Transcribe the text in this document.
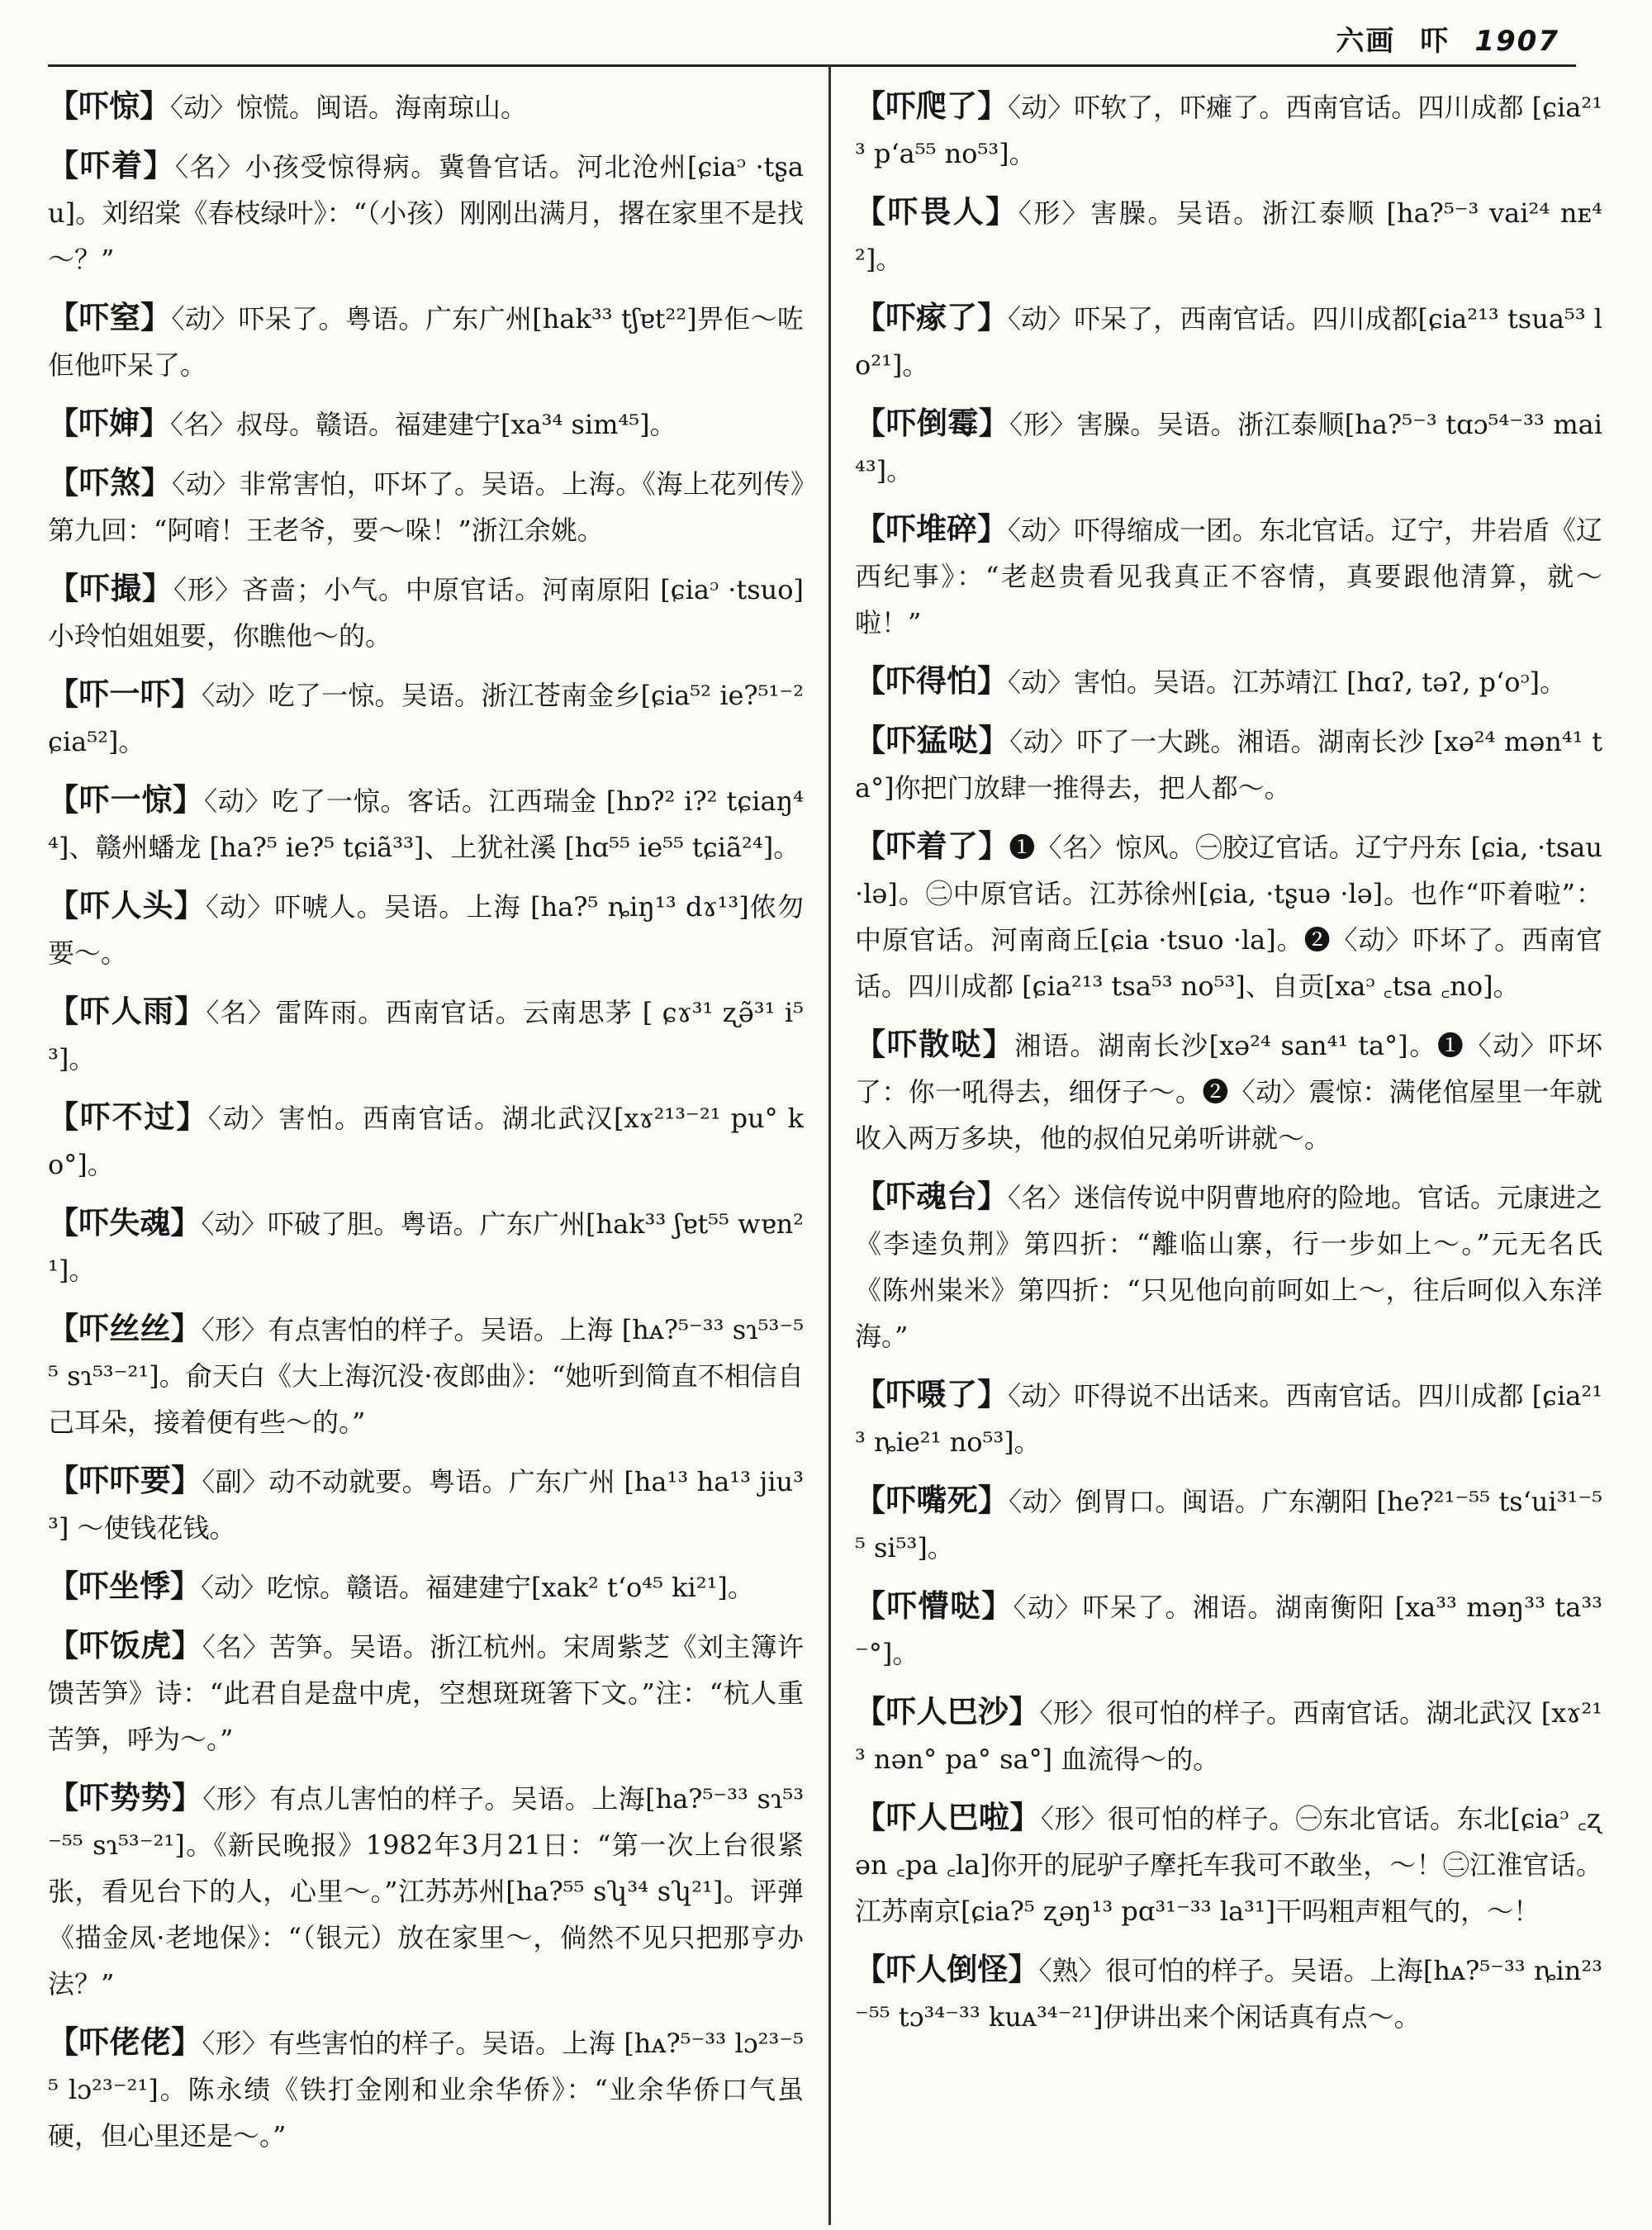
六画 吓 1907
【吓惊】〈动〉惊慌。闽语。海南琼山。
【吓着】〈名〉小孩受惊得病。冀鲁官话。河北沧州[ɕiaᵓ ·tʂau]。刘绍棠《春枝绿叶》：“（小孩）刚刚出满月，撂在家里不是找～？”
【吓窒】〈动〉吓呆了。粤语。广东广州[hak³³ tʃɐt²²]畀佢～咗佢他吓呆了。
【吓婶】〈名〉叔母。赣语。福建建宁[xa³⁴ sim⁴⁵]。
【吓煞】〈动〉非常害怕，吓坏了。吴语。上海。《海上花列传》第九回：“阿唷！王老爷，要～哚！”浙江余姚。
【吓撮】〈形〉吝啬；小气。中原官话。河南原阳 [ɕiaᵓ ·tsuo]小玲怕姐姐要，你瞧他～的。
【吓一吓】〈动〉吃了一惊。吴语。浙江苍南金乡[ɕia⁵² ie?⁵¹⁻² ɕia⁵²]。
【吓一惊】〈动〉吃了一惊。客话。江西瑞金 [hɒ?² i?² tɕiaŋ⁴⁴]、赣州蟠龙 [ha?⁵ ie?⁵ tɕiã³³]、上犹社溪 [hɑ⁵⁵ ie⁵⁵ tɕiã²⁴]。
【吓人头】〈动〉吓唬人。吴语。上海 [ha?⁵ ȵiŋ¹³ dɤ¹³]侬勿要～。
【吓人雨】〈名〉雷阵雨。西南官话。云南思茅 [ ɕɤ³¹ ʐə̃³¹ i⁵³]。
【吓不过】〈动〉害怕。西南官话。湖北武汉[xɤ²¹³⁻²¹ pu° ko°]。
【吓失魂】〈动〉吓破了胆。粤语。广东广州[hak³³ ʃɐt⁵⁵ wɐn²¹]。
【吓丝丝】〈形〉有点害怕的样子。吴语。上海 [hᴀ?⁵⁻³³ sɿ⁵³⁻⁵⁵ sɿ⁵³⁻²¹]。俞天白《大上海沉没·夜郎曲》：“她听到简直不相信自己耳朵，接着便有些～的。”
【吓吓要】〈副〉动不动就要。粤语。广东广州 [ha¹³ ha¹³ jiu³³] ～使钱花钱。
【吓坐悸】〈动〉吃惊。赣语。福建建宁[xak² t‘o⁴⁵ ki²¹]。
【吓饭虎】〈名〉苦笋。吴语。浙江杭州。宋周紫芝《刘主簿许馈苦笋》诗：“此君自是盘中虎，空想斑斑箸下文。”注：“杭人重苦笋，呼为～。”
【吓势势】〈形〉有点儿害怕的样子。吴语。上海[ha?⁵⁻³³ sɿ⁵³⁻⁵⁵ sɿ⁵³⁻²¹]。《新民晚报》1982年3月21日：“第一次上台很紧张，看见台下的人，心里～。”江苏苏州[ha?⁵⁵ sʮ³⁴ sʮ²¹]。评弹《描金凤·老地保》：“（银元）放在家里～，倘然不见只把那亨办法？”
【吓佬佬】〈形〉有些害怕的样子。吴语。上海 [hᴀ?⁵⁻³³ lɔ²³⁻⁵⁵ lɔ²³⁻²¹]。陈永绩《铁打金刚和业余华侨》：“业余华侨口气虽硬，但心里还是～。”
【吓爬了】〈动〉吓软了，吓瘫了。西南官话。四川成都 [ɕia²¹³ p‘a⁵⁵ no⁵³]。
【吓畏人】〈形〉害臊。吴语。浙江泰顺 [ha?⁵⁻³ vai²⁴ nᴇ⁴²]。
【吓瘃了】〈动〉吓呆了，西南官话。四川成都[ɕia²¹³ tsua⁵³ lo²¹]。
【吓倒霉】〈形〉害臊。吴语。浙江泰顺[ha?⁵⁻³ tɑɔ⁵⁴⁻³³ mai⁴³]。
【吓堆碎】〈动〉吓得缩成一团。东北官话。辽宁，井岩盾《辽西纪事》：“老赵贵看见我真正不容情，真要跟他清算，就～啦！”
【吓得怕】〈动〉害怕。吴语。江苏靖江 [hɑʔ, təʔ, p‘oᵓ]。
【吓猛哒】〈动〉吓了一大跳。湘语。湖南长沙 [xə²⁴ mən⁴¹ ta°]你把门放肆一推得去，把人都～。
【吓着了】❶〈名〉惊风。㊀胶辽官话。辽宁丹东 [ɕia, ·tsau ·lə]。㊁中原官话。江苏徐州[ɕia, ·tʂuə ·lə]。也作“吓着啦”：中原官话。河南商丘[ɕia ·tsuo ·la]。❷〈动〉吓坏了。西南官话。四川成都 [ɕia²¹³ tsa⁵³ no⁵³]、自贡[xaᵓ ꜀tsa ꜀no]。
【吓散哒】湘语。湖南长沙[xə²⁴ san⁴¹ ta°]。❶〈动〉吓坏了：你一吼得去，细伢子～。❷〈动〉震惊：满佬倌屋里一年就收入两万多块，他的叔伯兄弟听讲就～。
【吓魂台】〈名〉迷信传说中阴曹地府的险地。官话。元康进之《李逵负荆》第四折：“離临山寨，行一步如上～。”元无名氏《陈州粜米》第四折：“只见他向前呵如上～，往后呵似入东洋海。”
【吓嗫了】〈动〉吓得说不出话来。西南官话。四川成都 [ɕia²¹³ ȵie²¹ no⁵³]。
【吓嘴死】〈动〉倒胃口。闽语。广东潮阳 [he?²¹⁻⁵⁵ ts‘ui³¹⁻⁵⁵ si⁵³]。
【吓懵哒】〈动〉吓呆了。湘语。湖南衡阳 [xa³³ məŋ³³ ta³³⁻°]。
【吓人巴沙】〈形〉很可怕的样子。西南官话。湖北武汉 [xɤ²¹³ nən° pa° sa°] 血流得～的。
【吓人巴啦】〈形〉很可怕的样子。㊀东北官话。东北[ɕiaᵓ ꜀ʐən ꜀pa ꜀la]你开的屁驴子摩托车我可不敢坐，～！㊁江淮官话。江苏南京[ɕia?⁵ ʐəŋ¹³ pɑ³¹⁻³³ la³¹]干吗粗声粗气的，～！
【吓人倒怪】〈熟〉很可怕的样子。吴语。上海[hᴀ?⁵⁻³³ ȵin²³⁻⁵⁵ tɔ³⁴⁻³³ kuᴀ³⁴⁻²¹]伊讲出来个闲话真有点～。
